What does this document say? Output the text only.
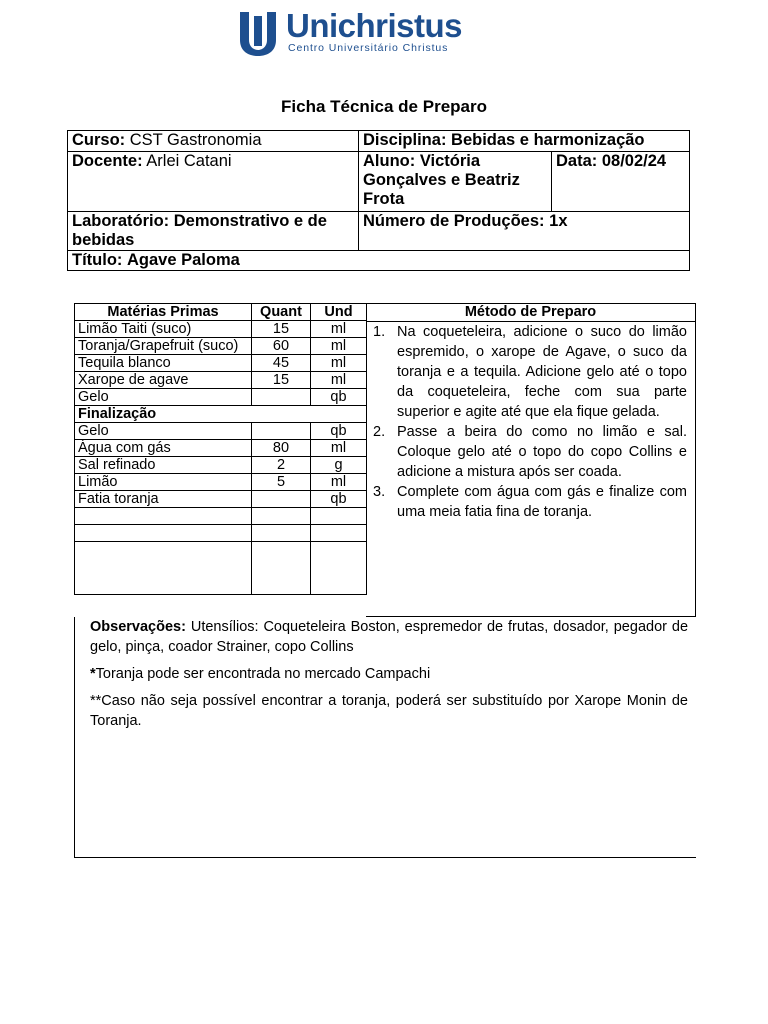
Unichristus
Centro Universitário Christus
Ficha Técnica de Preparo
Curso: CST Gastronomia	Disciplina: Bebidas e harmonização	
Docente: Arlei Catani	Aluno: Victória Gonçalves e Beatriz Frota	Data: 08/02/24
Laboratório: Demonstrativo e de bebidas	Número de Produções: 1x	
Título: Agave Paloma		
Matérias Primas	Quant	Und
Limão Taiti (suco)	15	ml
Toranja/Grapefruit (suco)	60	ml
Tequila blanco	45	ml
Xarope de agave	15	ml
Gelo		qb
Finalização		
Gelo		qb
Água com gás	80	ml
Sal refinado	2	g
Limão	5	ml
Fatia toranja		qb

Método de Preparo
1. Na coqueteleira, adicione o suco do limão espremido, o xarope de Agave, o suco da toranja e a tequila. Adicione gelo até o topo da coqueteleira, feche com sua parte superior e agite até que ela fique gelada.
2. Passe a beira do como no limão e sal. Coloque gelo até o topo do copo Collins e adicione a mistura após ser coada.
3. Complete com água com gás e finalize com uma meia fatia fina de toranja.

Observações: Utensílios: Coqueteleira Boston, espremedor de frutas, dosador, pegador de gelo, pinça, coador Strainer, copo Collins

*Toranja pode ser encontrada no mercado Campachi

**Caso não seja possível encontrar a toranja, poderá ser substituído por Xarope Monin de Toranja.
